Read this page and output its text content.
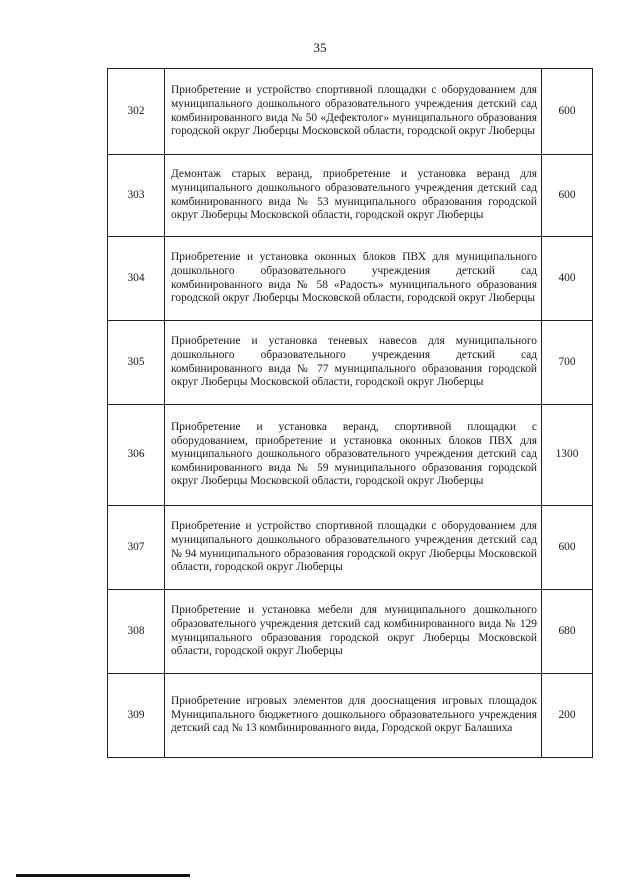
35
302	Приобретение и устройство спортивной площадки с оборудованием для муниципального дошкольного образовательного учреждения детский сад комбинированного вида № 50 «Дефектолог» муниципального образования городской округ Люберцы Московской области, городской округ Люберцы	600
303	Демонтаж старых веранд, приобретение и установка веранд для муниципального дошкольного образовательного учреждения детский сад комбинированного вида № 53 муниципального образования городской округ Люберцы Московской области, городской округ Люберцы	600
304	Приобретение и установка оконных блоков ПВХ для муниципального дошкольного образовательного учреждения детский сад комбинированного вида № 58 «Радость» муниципального образования городской округ Люберцы Московской области, городской округ Люберцы	400
305	Приобретение и установка теневых навесов для муниципального дошкольного образовательного учреждения детский сад комбинированного вида № 77 муниципального образования городской округ Люберцы Московской области, городской округ Люберцы	700
306	Приобретение и установка веранд, спортивной площадки с оборудованием, приобретение и установка оконных блоков ПВХ для муниципального дошкольного образовательного учреждения детский сад комбинированного вида № 59 муниципального образования городской округ Люберцы Московской области, городской округ Люберцы	1300
307	Приобретение и устройство спортивной площадки с оборудованием для муниципального дошкольного образовательного учреждения детский сад № 94 муниципального образования городской округ Люберцы Московской области, городской округ Люберцы	600
308	Приобретение и установка мебели для муниципального дошкольного образовательного учреждения детский сад комбинированного вида № 129 муниципального образования городской округ Люберцы Московской области, городской округ Люберцы	680
309	Приобретение игровых элементов для дооснащения игровых площадок Муниципального бюджетного дошкольного образовательного учреждения детский сад № 13 комбинированного вида, Городской округ Балашиха	200
